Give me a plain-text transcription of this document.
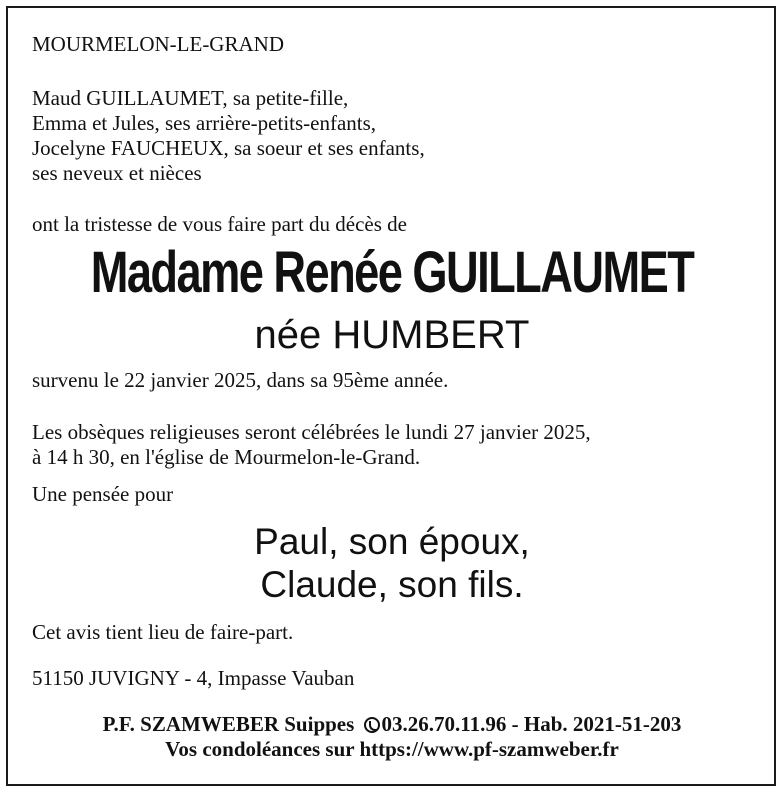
MOURMELON-LE-GRAND
Maud GUILLAUMET, sa petite-fille,
Emma et Jules, ses arrière-petits-enfants,
Jocelyne FAUCHEUX, sa soeur et ses enfants,
ses neveux et nièces
ont la tristesse de vous faire part du décès de
Madame Renée GUILLAUMET
née HUMBERT
survenu le 22 janvier 2025, dans sa 95ème année.
Les obsèques religieuses seront célébrées le lundi 27 janvier 2025,
à 14 h 30, en l'église de Mourmelon-le-Grand.
Une pensée pour
Paul, son époux,
Claude, son fils.
Cet avis tient lieu de faire-part.
51150 JUVIGNY - 4, Impasse Vauban
P.F. SZAMWEBER Suippes 03.26.70.11.96 - Hab. 2021-51-203
Vos condoléances sur https://www.pf-szamweber.fr
